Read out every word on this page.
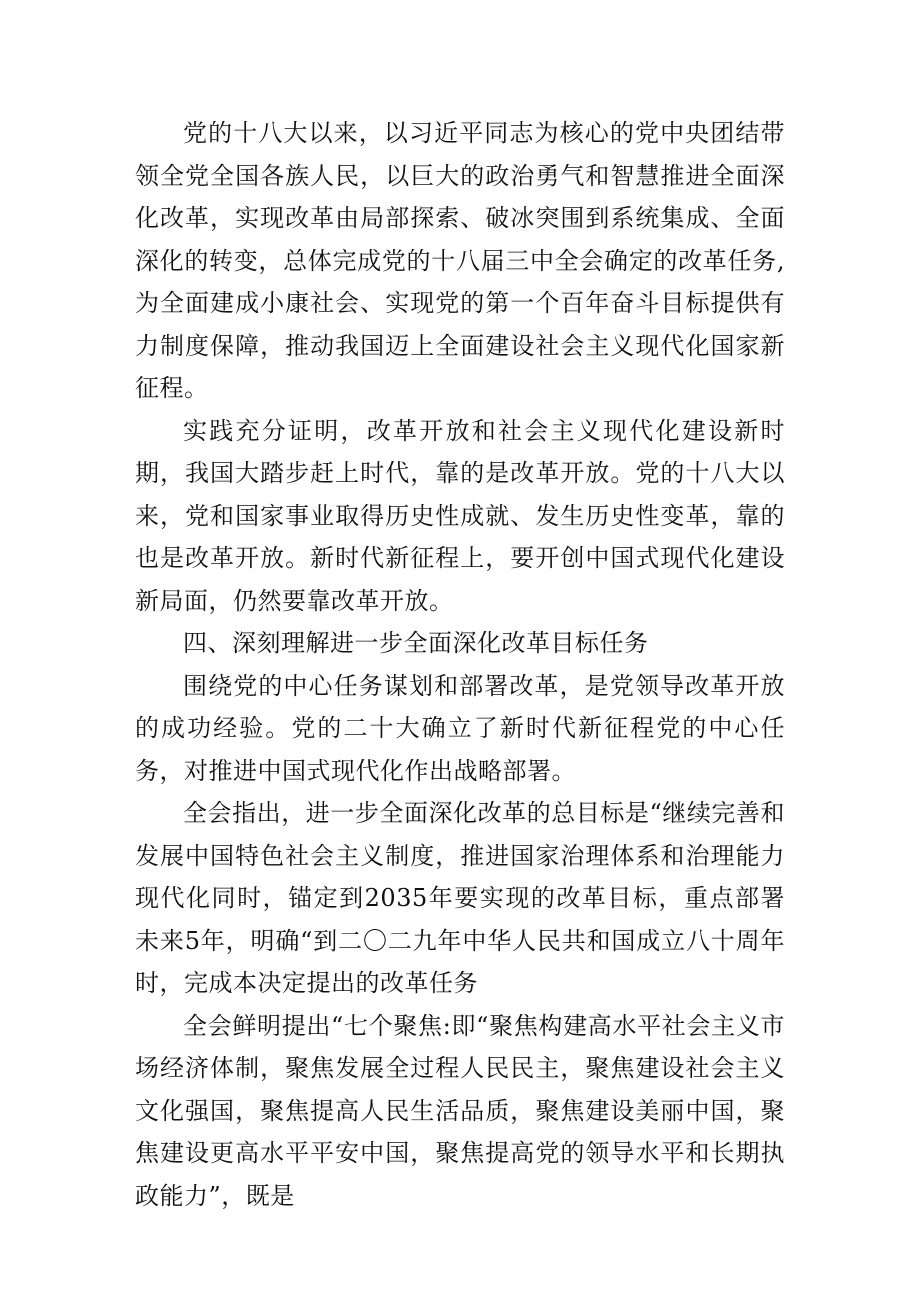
党的十八大以来，以习近平同志为核心的党中央团结带领全党全国各族人民，以巨大的政治勇气和智慧推进全面深化改革，实现改革由局部探索、破冰突围到系统集成、全面深化的转变，总体完成党的十八届三中全会确定的改革任务,为全面建成小康社会、实现党的第一个百年奋斗目标提供有力制度保障，推动我国迈上全面建设社会主义现代化国家新征程。

实践充分证明，改革开放和社会主义现代化建设新时期，我国大踏步赶上时代，靠的是改革开放。党的十八大以来，党和国家事业取得历史性成就、发生历史性变革，靠的也是改革开放。新时代新征程上，要开创中国式现代化建设新局面，仍然要靠改革开放。

四、深刻理解进一步全面深化改革目标任务

围绕党的中心任务谋划和部署改革，是党领导改革开放的成功经验。党的二十大确立了新时代新征程党的中心任务，对推进中国式现代化作出战略部署。

全会指出，进一步全面深化改革的总目标是“继续完善和发展中国特色社会主义制度，推进国家治理体系和治理能力现代化同时，锚定到2035年要实现的改革目标，重点部署未来5年，明确“到二〇二九年中华人民共和国成立八十周年时，完成本决定提出的改革任务

全会鲜明提出“七个聚焦:即“聚焦构建高水平社会主义市场经济体制，聚焦发展全过程人民民主，聚焦建设社会主义文化强国，聚焦提高人民生活品质，聚焦建设美丽中国，聚焦建设更高水平平安中国，聚焦提高党的领导水平和长期执政能力”，既是
